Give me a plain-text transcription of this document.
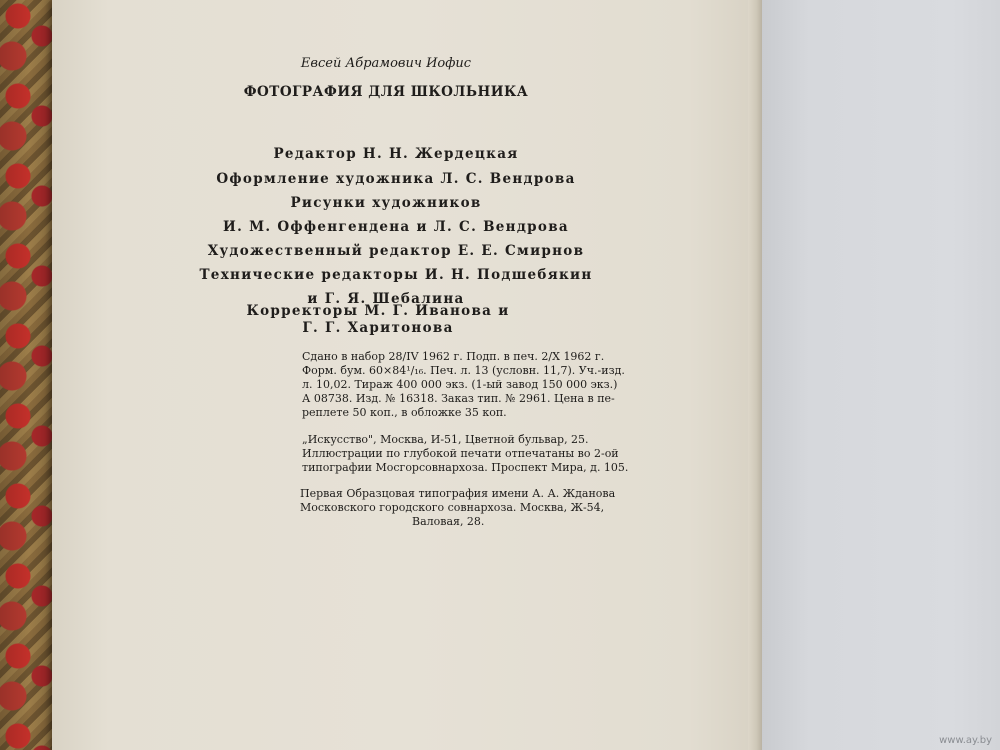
Евсей Абрамович Иофис
ФОТОГРАФИЯ ДЛЯ ШКОЛЬНИКА
Редактор Н. Н. Жердецкая
Оформление художника Л. С. Вендрова
Рисунки художников
И. М. Оффенгендена и Л. С. Вендрова
Художественный редактор Е. Е. Смирнов
Технические редакторы И. Н. Подшебякин
и Г. Я. Шебалина
Корректоры М. Г. Иванова и
Г. Г. Харитонова
Сдано в набор 28/IV 1962 г. Подп. в печ. 2/X 1962 г.
Форм. бум. 60×84¹/₁₆. Печ. л. 13 (условн. 11,7). Уч.-изд.
л. 10,02. Тираж 400 000 экз. (1-ый завод 150 000 экз.)
А 08738. Изд. № 16318. Заказ тип. № 2961. Цена в пе-
реплете 50 коп., в обложке 35 коп.
„Искусство", Москва, И-51, Цветной бульвар, 25.
Иллюстрации по глубокой печати отпечатаны во 2-ой
типографии Мосгорсовнархоза. Проспект Мира, д. 105.
Первая Образцовая типография имени А. А. Жданова
Московского городского совнархоза. Москва, Ж-54,
Валовая, 28.
www.ay.by
